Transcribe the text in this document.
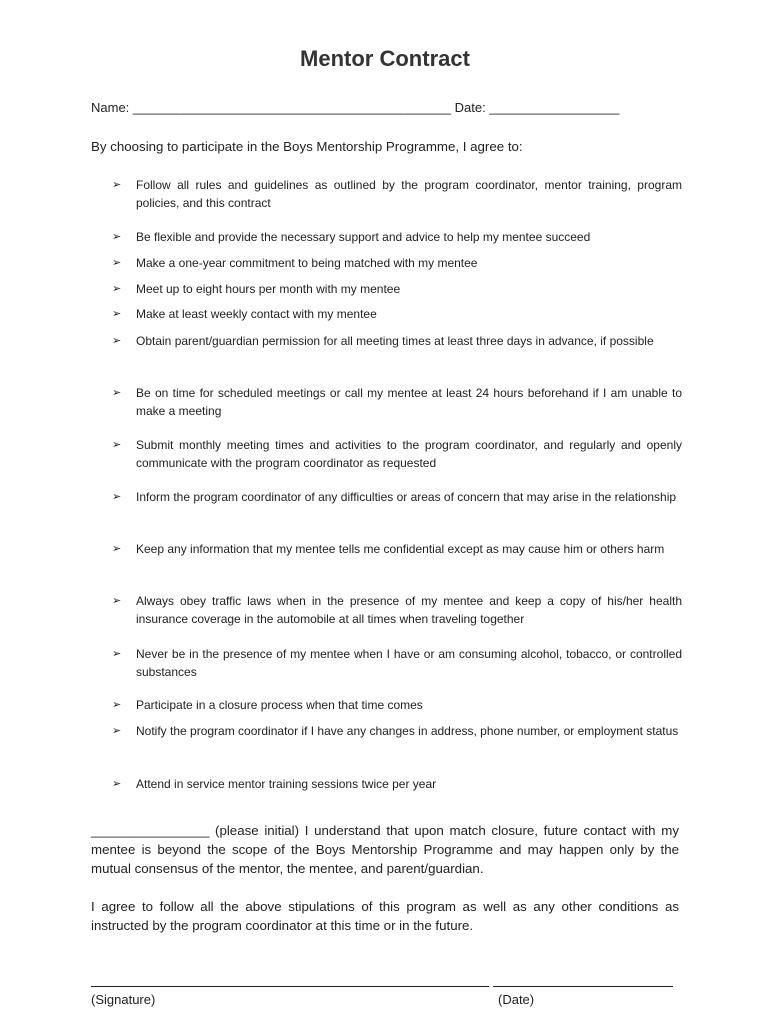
Mentor Contract
Name: ____________________________________________ Date: __________________
By choosing to participate in the Boys Mentorship Programme, I agree to:
➢	Follow all rules and guidelines as outlined by the program coordinator, mentor training, program policies, and this contract
➢	Be flexible and provide the necessary support and advice to help my mentee succeed
➢	Make a one-year commitment to being matched with my mentee
➢	Meet up to eight hours per month with my mentee
➢	Make at least weekly contact with my mentee
➢	Obtain parent/guardian permission for all meeting times at least three days in advance, if possible
➢	Be on time for scheduled meetings or call my mentee at least 24 hours beforehand if I am unable to make a meeting
➢	Submit monthly meeting times and activities to the program coordinator, and regularly and openly communicate with the program coordinator as requested
➢	Inform the program coordinator of any difficulties or areas of concern that may arise in the relationship
➢	Keep any information that my mentee tells me confidential except as may cause him or others harm
➢	Always obey traffic laws when in the presence of my mentee and keep a copy of his/her health insurance coverage in the automobile at all times when traveling together
➢	Never be in the presence of my mentee when I have or am consuming alcohol, tobacco, or controlled substances
➢	Participate in a closure process when that time comes
➢	Notify the program coordinator if I have any changes in address, phone number, or employment status
➢	Attend in service mentor training sessions twice per year
________________ (please initial) I understand that upon match closure, future contact with my mentee is beyond the scope of the Boys Mentorship Programme and may happen only by the mutual consensus of the mentor, the mentee, and parent/guardian.
I agree to follow all the above stipulations of this program as well as any other conditions as instructed by the program coordinator at this time or in the future.
(Signature)	(Date)
